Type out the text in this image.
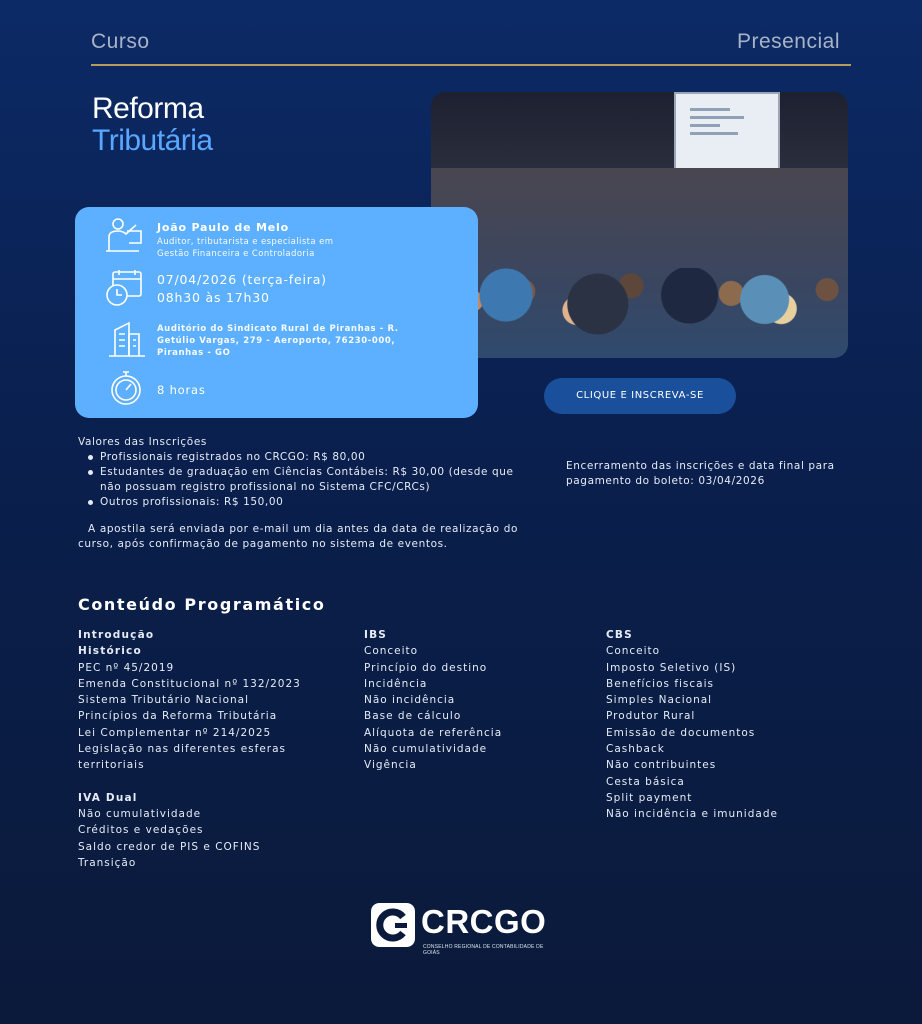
Curso	Presencial
Reforma
Tributária
João Paulo de Melo
Auditor, tributarista e especialista em Gestão Financeira e Controladoria
07/04/2026 (terça-feira)
08h30 às 17h30
Auditório do Sindicato Rural de Piranhas - R. Getúlio Vargas, 279 - Aeroporto, 76230-000, Piranhas - GO
8 horas	CLIQUE E INSCREVA-SE
Valores das Inscrições
Profissionais registrados no CRCGO: R$ 80,00
Estudantes de graduação em Ciências Contábeis: R$ 30,00 (desde que não possuam registro profissional no Sistema CFC/CRCs)
Outros profissionais: R$ 150,00
Encerramento das inscrições e data final para pagamento do boleto: 03/04/2026
A apostila será enviada por e-mail um dia antes da data de realização do curso, após confirmação de pagamento no sistema de eventos.
Conteúdo Programático
Introdução
Histórico
PEC nº 45/2019
Emenda Constitucional nº 132/2023
Sistema Tributário Nacional
Princípios da Reforma Tributária
Lei Complementar nº 214/2025
Legislação nas diferentes esferas
territoriais
IVA Dual
Não cumulatividade
Créditos e vedações
Saldo credor de PIS e COFINS
Transição
IBS
Conceito
Princípio do destino
Incidência
Não incidência
Base de cálculo
Alíquota de referência
Não cumulatividade
Vigência
CBS
Conceito
Imposto Seletivo (IS)
Benefícios fiscais
Simples Nacional
Produtor Rural
Emissão de documentos
Cashback
Não contribuintes
Cesta básica
Split payment
Não incidência e imunidade
CRCGO
CONSELHO REGIONAL DE CONTABILIDADE DE GOIÁS
